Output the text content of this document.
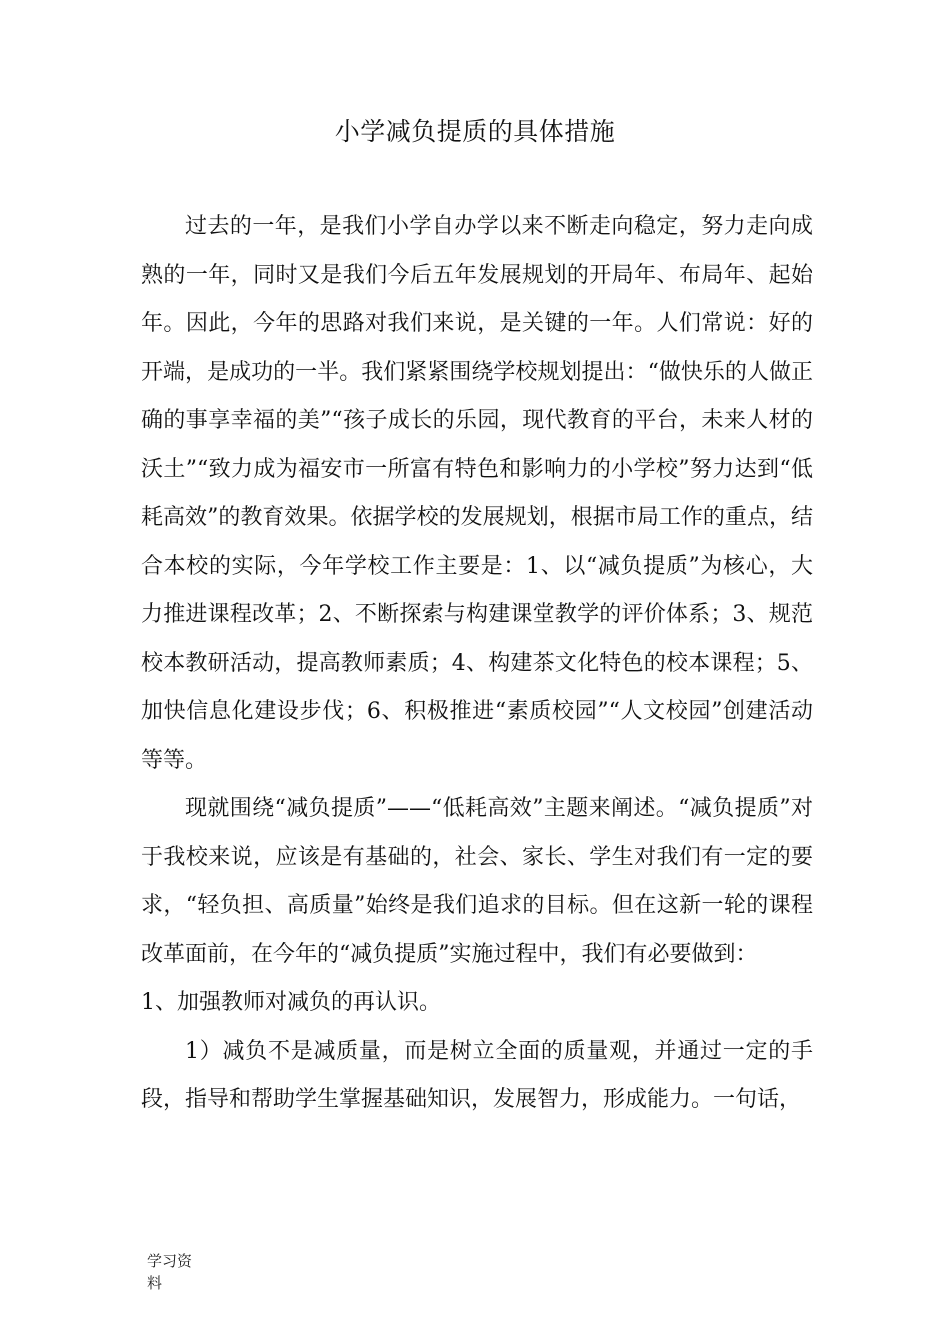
小学减负提质的具体措施

过去的一年，是我们小学自办学以来不断走向稳定，努力走向成熟的一年，同时又是我们今后五年发展规划的开局年、布局年、起始年。因此，今年的思路对我们来说，是关键的一年。人们常说：好的开端，是成功的一半。我们紧紧围绕学校规划提出：“做快乐的人做正确的事享幸福的美”“孩子成长的乐园，现代教育的平台，未来人材的沃土”“致力成为福安市一所富有特色和影响力的小学校”努力达到“低耗高效”的教育效果。依据学校的发展规划，根据市局工作的重点，结合本校的实际，今年学校工作主要是：1、以“减负提质”为核心，大力推进课程改革；2、不断探索与构建课堂教学的评价体系；3、规范校本教研活动，提高教师素质；4、构建茶文化特色的校本课程；5、加快信息化建设步伐；6、积极推进“素质校园”“人文校园”创建活动等等。

现就围绕“减负提质”——“低耗高效”主题来阐述。“减负提质”对于我校来说，应该是有基础的，社会、家长、学生对我们有一定的要求，“轻负担、高质量”始终是我们追求的目标。但在这新一轮的课程改革面前，在今年的“减负提质”实施过程中，我们有必要做到：

1、加强教师对减负的再认识。

1）减负不是减质量，而是树立全面的质量观，并通过一定的手段，指导和帮助学生掌握基础知识，发展智力，形成能力。一句话，

学习资
料
